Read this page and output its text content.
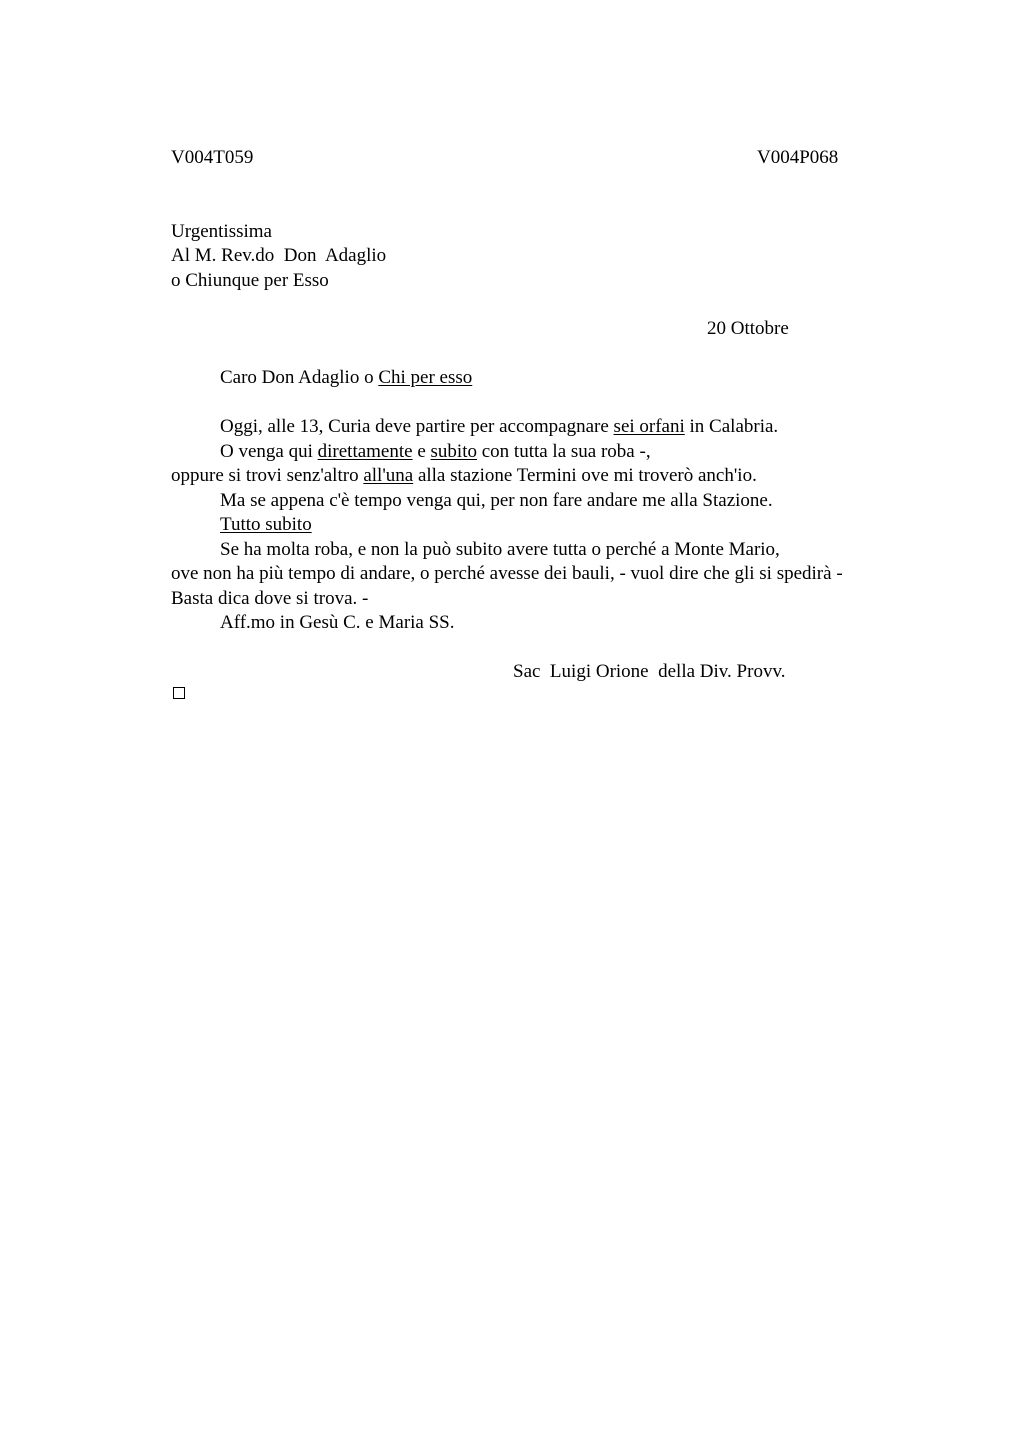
V004T059	V004P068
Urgentissima
Al M. Rev.do  Don  Adaglio
o Chiunque per Esso
20 Ottobre
Caro Don Adaglio o Chi per esso
Oggi, alle 13, Curia deve partire per accompagnare sei orfani in Calabria.
O venga qui direttamente e subito con tutta la sua roba -,
oppure si trovi senz'altro all'una alla stazione Termini ove mi troverò anch'io.
Ma se appena c'è tempo venga qui, per non fare andare me alla Stazione.
Tutto subito
Se ha molta roba, e non la può subito avere tutta o perché a Monte Mario,
ove non ha più tempo di andare, o perché avesse dei bauli, - vuol dire che gli si spedirà -
Basta dica dove si trova. -
Aff.mo in Gesù C. e Maria SS.
Sac  Luigi Orione  della Div. Provv.
